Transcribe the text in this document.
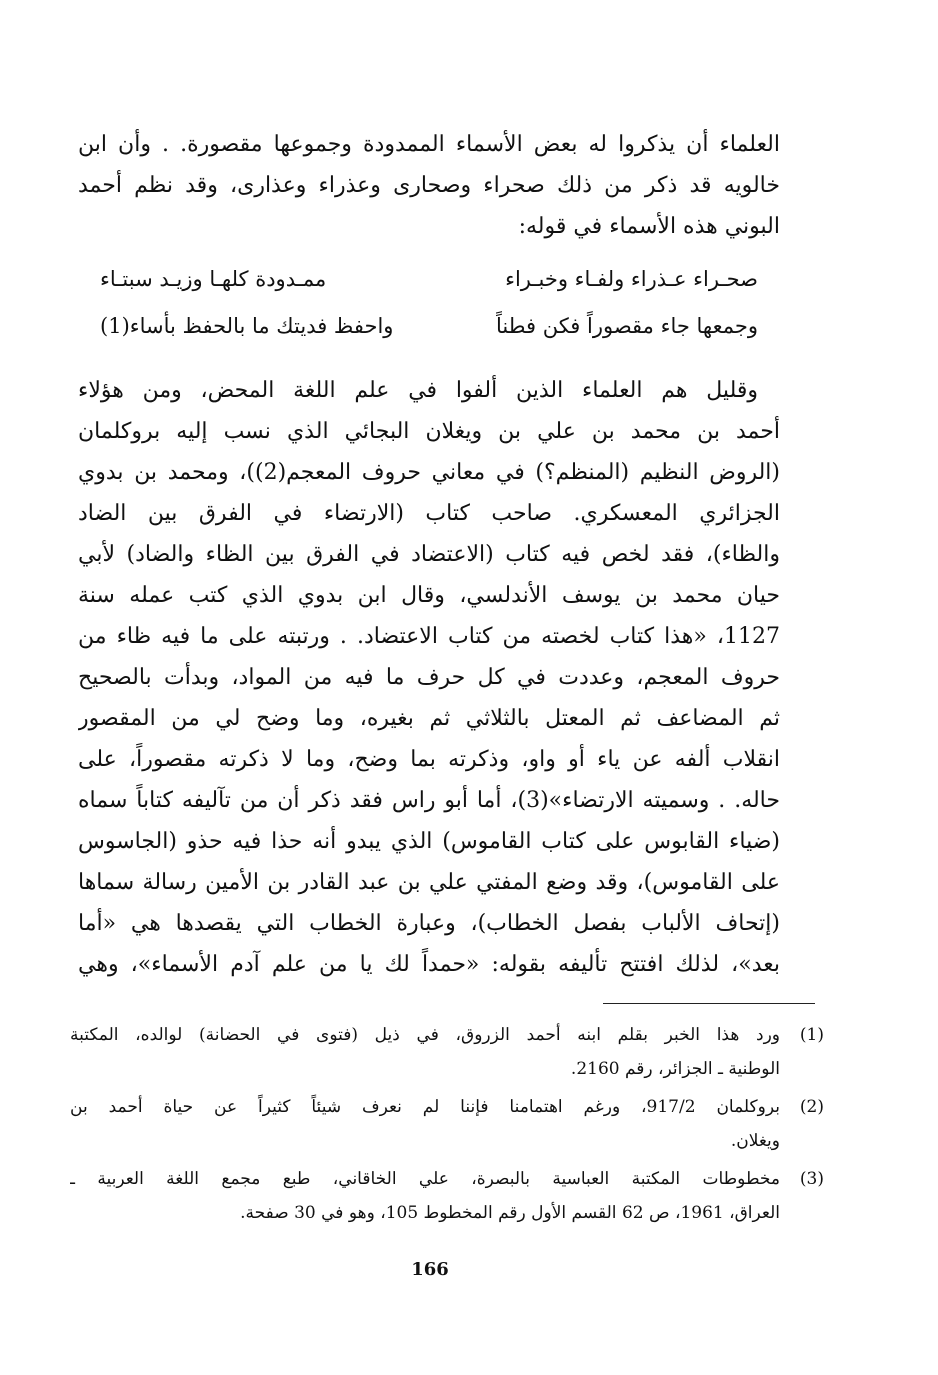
العلماء أن يذكروا له بعض الأسماء الممدودة وجموعها مقصورة. . وأن ابن
خالويه قد ذكر من ذلك صحراء وصحارى وعذراء وعذارى، وقد نظم أحمد
البوني هذه الأسماء في قوله:
صحـراء عـذراء ولفـاء وخبـراء
ممـدودة كلهـا وزيـد سبتـاء
وجمعها جاء مقصوراً فكن فطناً
واحفظ فديتك ما بالحفظ بأساء(1)
وقليل هم العلماء الذين ألفوا في علم اللغة المحض، ومن هؤلاء
أحمد بن محمد بن علي بن ويغلان البجائي الذي نسب إليه بروكلمان
(الروض النظيم (المنظم؟) في معاني حروف المعجم(2))، ومحمد بن بدوي
الجزائري المعسكري. صاحب كتاب (الارتضاء في الفرق بين الضاد
والظاء)، فقد لخص فيه كتاب (الاعتضاد في الفرق بين الظاء والضاد) لأبي
حيان محمد بن يوسف الأندلسي، وقال ابن بدوي الذي كتب عمله سنة
1127، «هذا كتاب لخصته من كتاب الاعتضاد. . ورتبته على ما فيه ظاء من
حروف المعجم، وعددت في كل حرف ما فيه من المواد، وبدأت بالصحيح
ثم المضاعف ثم المعتل بالثلاثي ثم بغيره، وما وضح لي من المقصور
انقلاب ألفه عن ياء أو واو، وذكرته بما وضح، وما لا ذكرته مقصوراً، على
حاله. . وسميته الارتضاء»(3)، أما أبو راس فقد ذكر أن من تآليفه كتاباً سماه
(ضياء القابوس على كتاب القاموس) الذي يبدو أنه حذا فيه حذو (الجاسوس
على القاموس)، وقد وضع المفتي علي بن عبد القادر بن الأمين رسالة سماها
(إتحاف الألباب بفصل الخطاب)، وعبارة الخطاب التي يقصدها هي «أما
بعد»، لذلك افتتح تأليفه بقوله: «حمداً لك يا من علم آدم الأسماء»، وهي
(1)
ورد هذا الخبر بقلم ابنه أحمد الزروق، في ذيل (فتوى في الحضانة) لوالده، المكتبة
الوطنية ـ الجزائر، رقم 2160.
(2)
بروكلمان 917/2، ورغم اهتمامنا فإننا لم نعرف شيئاً كثيراً عن حياة أحمد بن
ويغلان.
(3)
مخطوطات المكتبة العباسية بالبصرة، علي الخاقاني، طبع مجمع اللغة العربية ـ
العراق، 1961، ص 62 القسم الأول رقم المخطوط 105، وهو في 30 صفحة.
166
